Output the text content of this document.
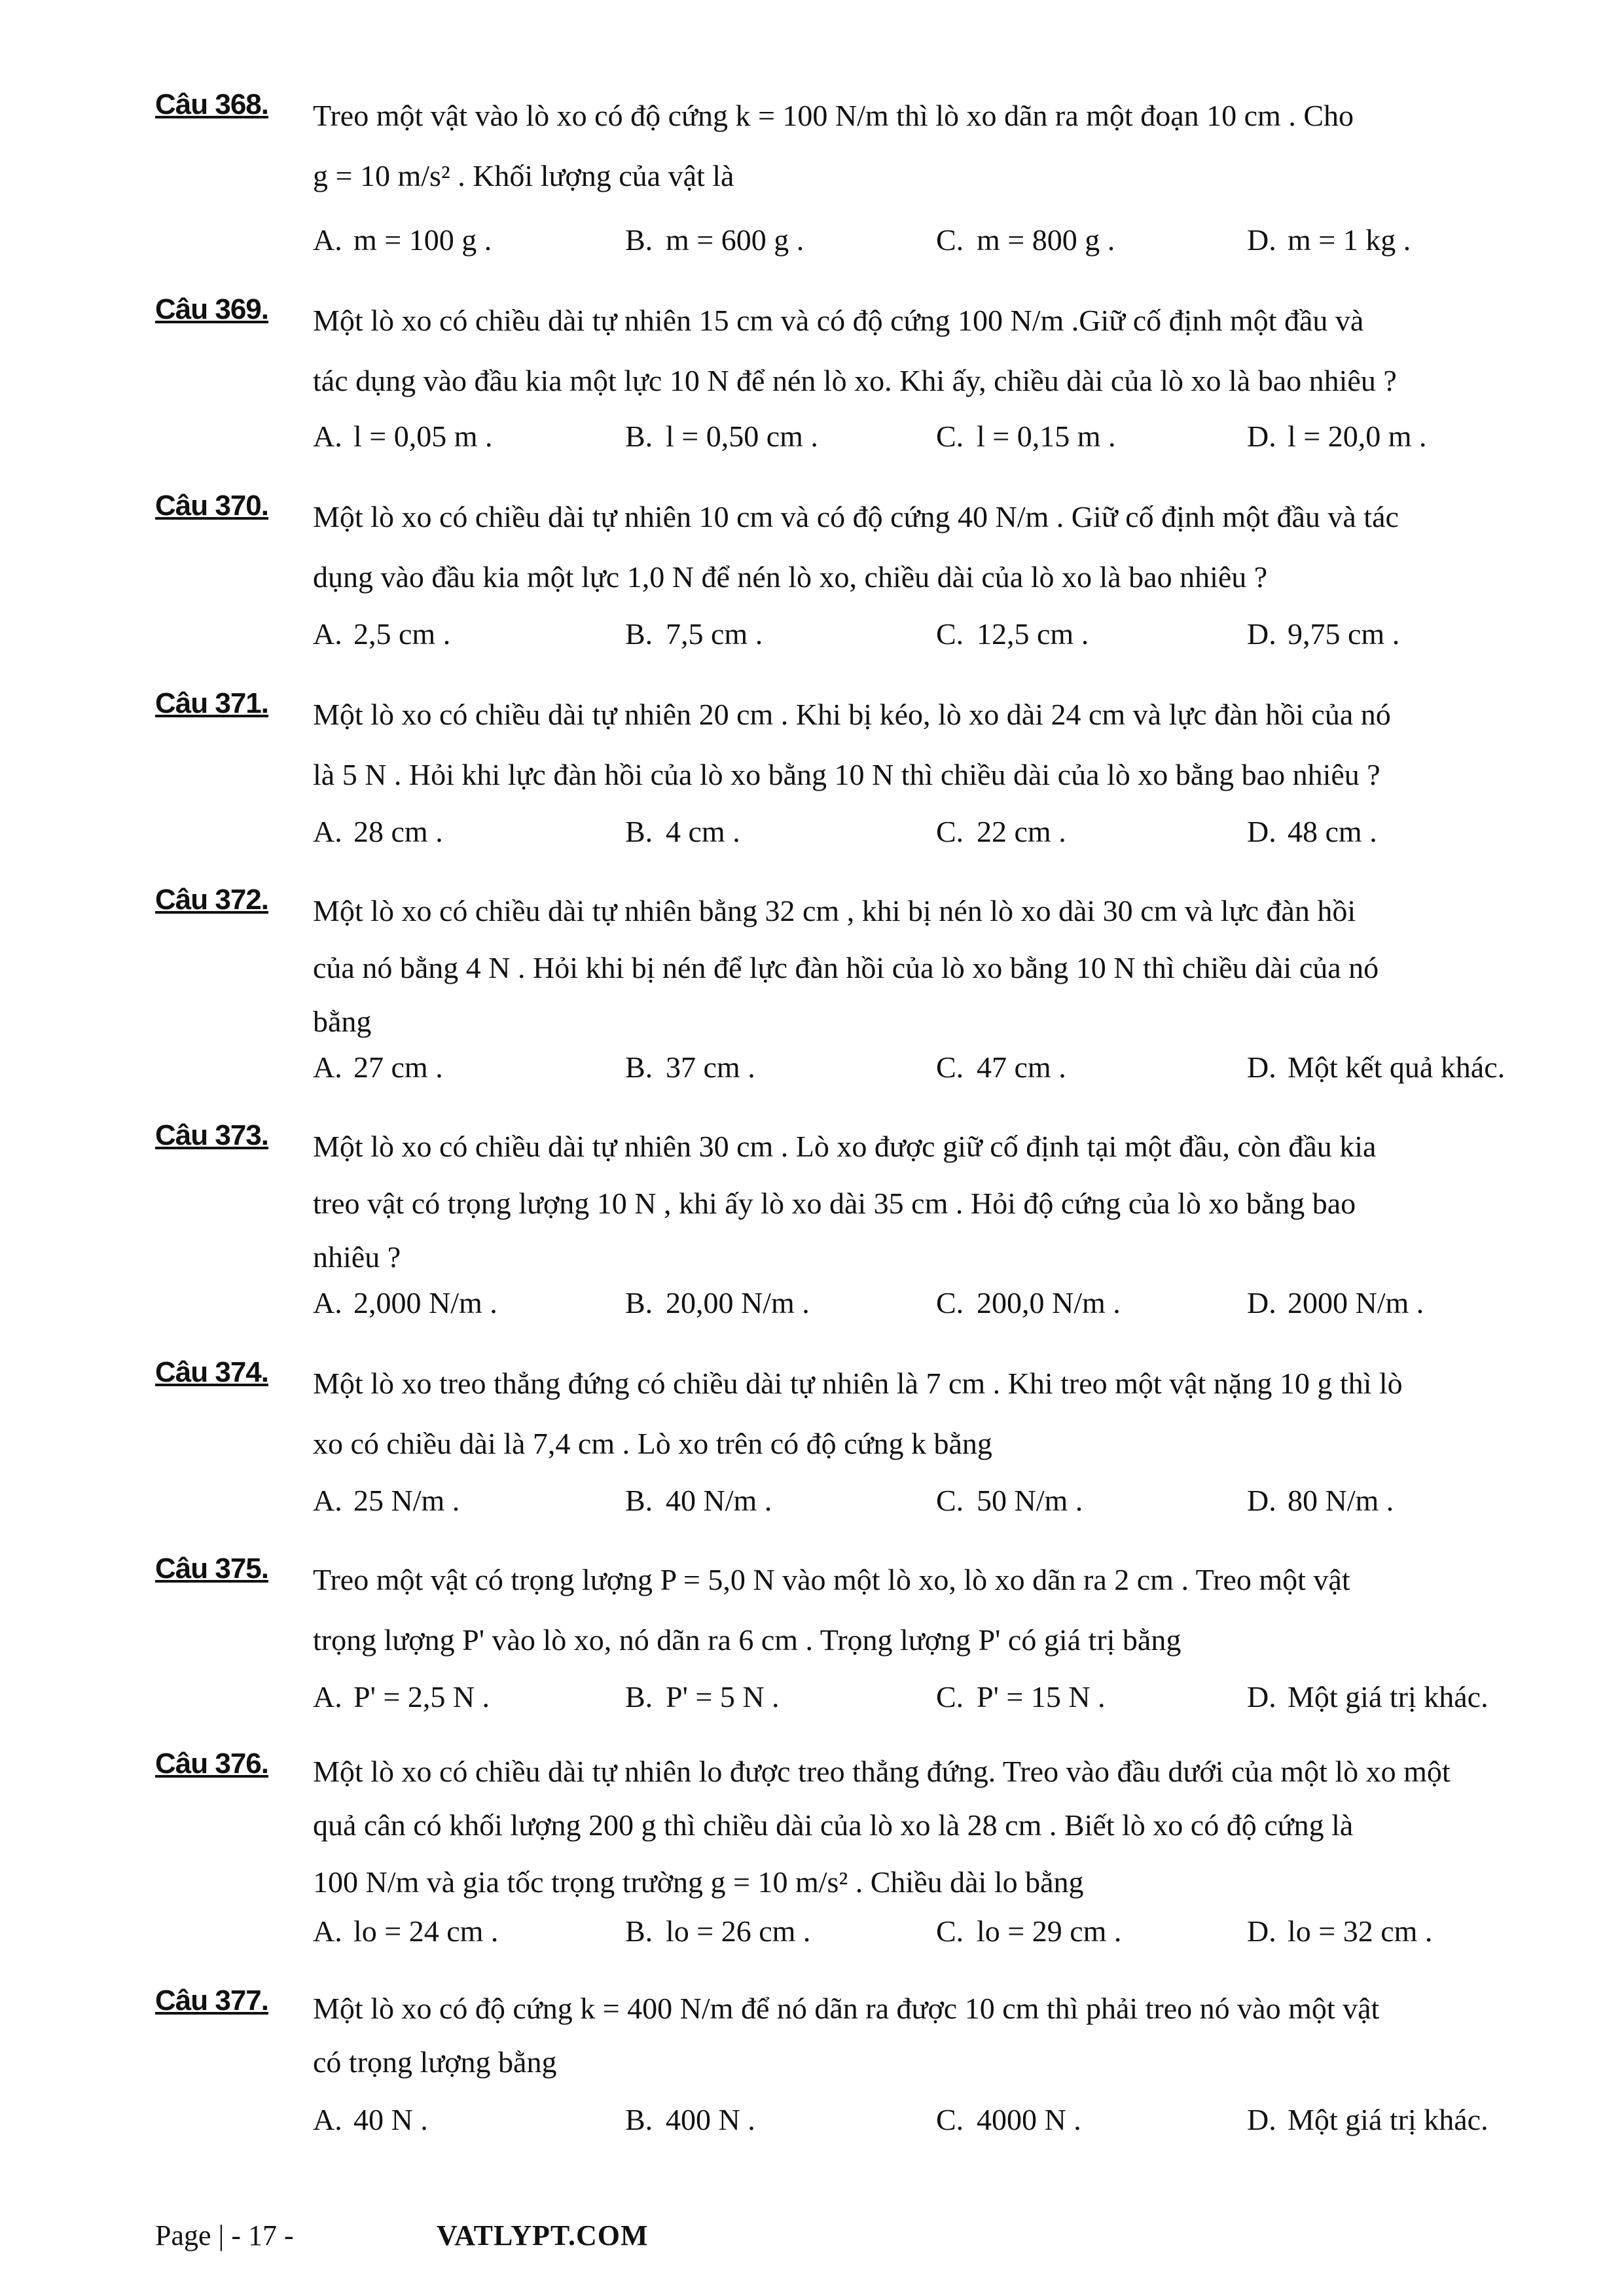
Câu 368. Treo một vật vào lò xo có độ cứng k = 100 N/m thì lò xo dãn ra một đoạn 10 cm . Cho
g = 10 m/s² . Khối lượng của vật là
A. m = 100 g .	B. m = 600 g .	C. m = 800 g .	D. m = 1 kg .
Câu 369. Một lò xo có chiều dài tự nhiên 15 cm và có độ cứng 100 N/m .Giữ cố định một đầu và
tác dụng vào đầu kia một lực 10 N để nén lò xo. Khi ấy, chiều dài của lò xo là bao nhiêu ?
A. l = 0,05 m .	B. l = 0,50 cm .	C. l = 0,15 m .	D. l = 20,0 m .
Câu 370. Một lò xo có chiều dài tự nhiên 10 cm và có độ cứng 40 N/m . Giữ cố định một đầu và tác
dụng vào đầu kia một lực 1,0 N để nén lò xo, chiều dài của lò xo là bao nhiêu ?
A. 2,5 cm .	B. 7,5 cm .	C. 12,5 cm .	D. 9,75 cm .
Câu 371. Một lò xo có chiều dài tự nhiên 20 cm . Khi bị kéo, lò xo dài 24 cm và lực đàn hồi của nó
là 5 N . Hỏi khi lực đàn hồi của lò xo bằng 10 N thì chiều dài của lò xo bằng bao nhiêu ?
A. 28 cm .	B. 4 cm .	C. 22 cm .	D. 48 cm .
Câu 372. Một lò xo có chiều dài tự nhiên bằng 32 cm , khi bị nén lò xo dài 30 cm và lực đàn hồi
của nó bằng 4 N . Hỏi khi bị nén để lực đàn hồi của lò xo bằng 10 N thì chiều dài của nó
bằng
A. 27 cm .	B. 37 cm .	C. 47 cm .	D. Một kết quả khác.
Câu 373. Một lò xo có chiều dài tự nhiên 30 cm . Lò xo được giữ cố định tại một đầu, còn đầu kia
treo vật có trọng lượng 10 N , khi ấy lò xo dài 35 cm . Hỏi độ cứng của lò xo bằng bao
nhiêu ?
A. 2,000 N/m .	B. 20,00 N/m .	C. 200,0 N/m .	D. 2000 N/m .
Câu 374. Một lò xo treo thẳng đứng có chiều dài tự nhiên là 7 cm . Khi treo một vật nặng 10 g thì lò
xo có chiều dài là 7,4 cm . Lò xo trên có độ cứng k bằng
A. 25 N/m .	B. 40 N/m .	C. 50 N/m .	D. 80 N/m .
Câu 375. Treo một vật có trọng lượng P = 5,0 N vào một lò xo, lò xo dãn ra 2 cm . Treo một vật
trọng lượng P' vào lò xo, nó dãn ra 6 cm . Trọng lượng P' có giá trị bằng
A. P' = 2,5 N .	B. P' = 5 N .	C. P' = 15 N .	D. Một giá trị khác.
Câu 376. Một lò xo có chiều dài tự nhiên lo được treo thẳng đứng. Treo vào đầu dưới của một lò xo một
quả cân có khối lượng 200 g thì chiều dài của lò xo là 28 cm . Biết lò xo có độ cứng là
100 N/m và gia tốc trọng trường g = 10 m/s² . Chiều dài lo bằng
A. lo = 24 cm .	B. lo = 26 cm .	C. lo = 29 cm .	D. lo = 32 cm .
Câu 377. Một lò xo có độ cứng k = 400 N/m để nó dãn ra được 10 cm thì phải treo nó vào một vật
có trọng lượng bằng
A. 40 N .	B. 400 N .	C. 4000 N .	D. Một giá trị khác.
Page | - 17 -	VATLYPT.COM
